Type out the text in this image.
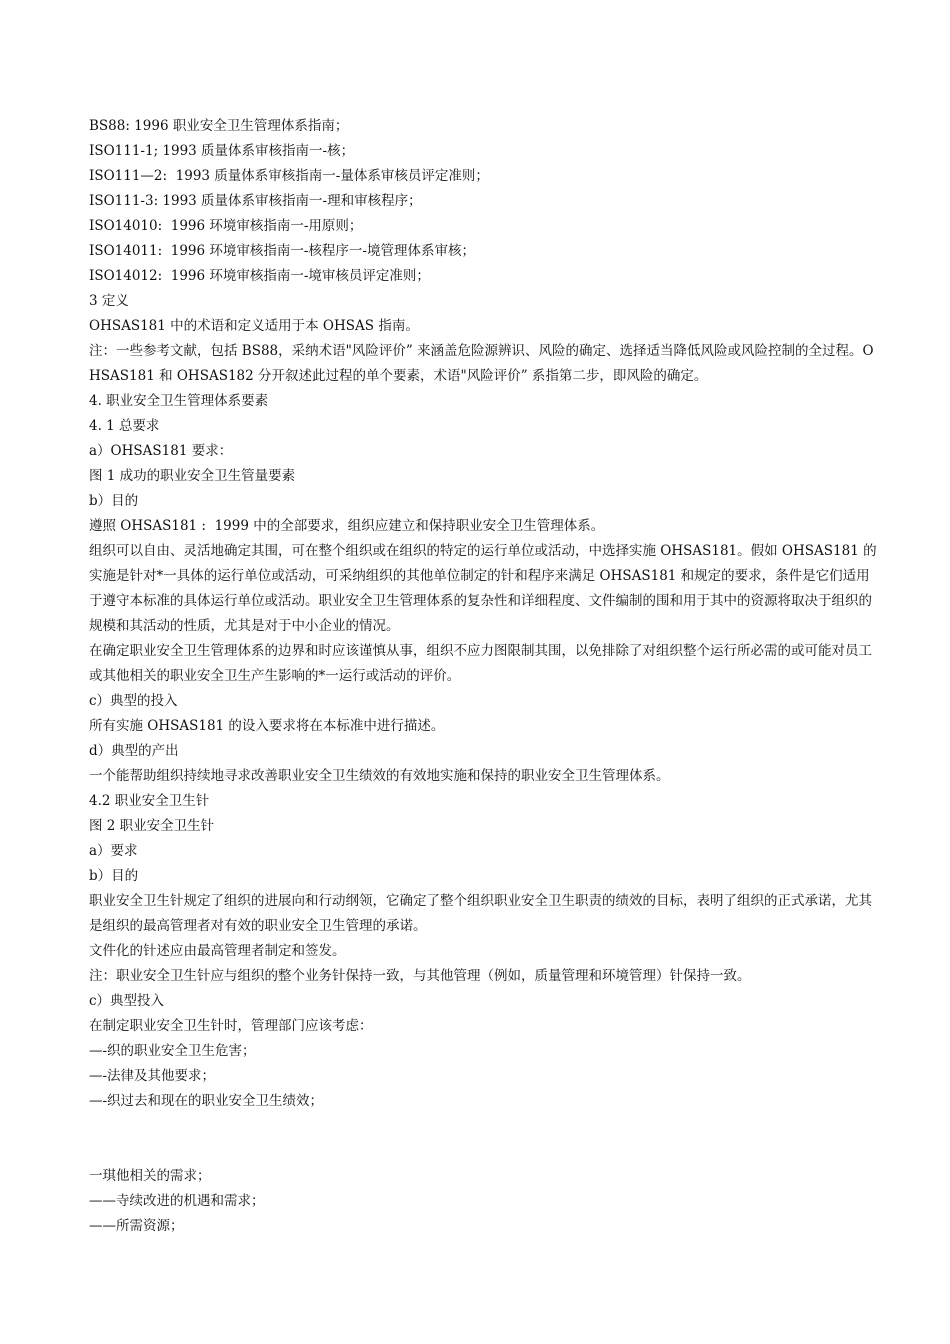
BS88: 1996 职业安全卫生管理体系指南；

ISO111-1; 1993 质量体系审核指南一-核；

ISO111—2:  1993 质量体系审核指南一-量体系审核员评定准则；

ISO111-3: 1993 质量体系审核指南一-理和审核程序；

ISO14010:  1996 环境审核指南一-用原则；

ISO14011:  1996 环境审核指南一-核程序一-境管理体系审核；

ISO14012:  1996 环境审核指南一-境审核员评定准则；

3 定义

OHSAS181 中的术语和定义适用于本 OHSAS 指南。

注：一些参考文献，包括 BS88，采纳术语"风险评价” 来涵盖危险源辨识、风险的确定、选择适当降低风险或风险控制的全过程。OHSAS181 和 OHSAS182 分开叙述此过程的单个要素，术语"风险评价” 系指第二步，即风险的确定。

4. 职业安全卫生管理体系要素

4. 1 总要求

a）OHSAS181 要求：

图 1 成功的职业安全卫生管量要素

b）目的

遵照 OHSAS181 :  1999 中的全部要求，组织应建立和保持职业安全卫生管理体系。

组织可以自由、灵活地确定其围，可在整个组织或在组织的特定的运行单位或活动，中选择实施 OHSAS181。假如 OHSAS181 的实施是针对*一具体的运行单位或活动，可采纳组织的其他单位制定的针和程序来满足 OHSAS181 和规定的要求，条件是它们适用于遵守本标准的具体运行单位或活动。职业安全卫生管理体系的复杂性和详细程度、文件编制的围和用于其中的资源将取决于组织的规模和其活动的性质，尤其是对于中小企业的情况。

在确定职业安全卫生管理体系的边界和时应该谨慎从事，组织不应力图限制其围，以免排除了对组织整个运行所必需的或可能对员工或其他相关的职业安全卫生产生影响的*一运行或活动的评价。

c）典型的投入

所有实施 OHSAS181 的设入要求将在本标准中进行描述。

d）典型的产出

一个能帮助组织持续地寻求改善职业安全卫生绩效的有效地实施和保持的职业安全卫生管理体系。

4.2 职业安全卫生针

图 2 职业安全卫生针

a）要求

b）目的

职业安全卫生针规定了组织的进展向和行动纲领，它确定了整个组织职业安全卫生职责的绩效的目标，表明了组织的正式承诺，尤其是组织的最高管理者对有效的职业安全卫生管理的承诺。

文件化的针述应由最高管理者制定和签发。

注：职业安全卫生针应与组织的整个业务针保持一致，与其他管理（例如，质量管理和环境管理）针保持一致。

c）典型投入

在制定职业安全卫生针时，管理部门应该考虑：

—-织的职业安全卫生危害；

—-法律及其他要求；

—-织过去和现在的职业安全卫生绩效；

一琪他相关的需求；

——寺续改进的机遇和需求；

——所需资源；
